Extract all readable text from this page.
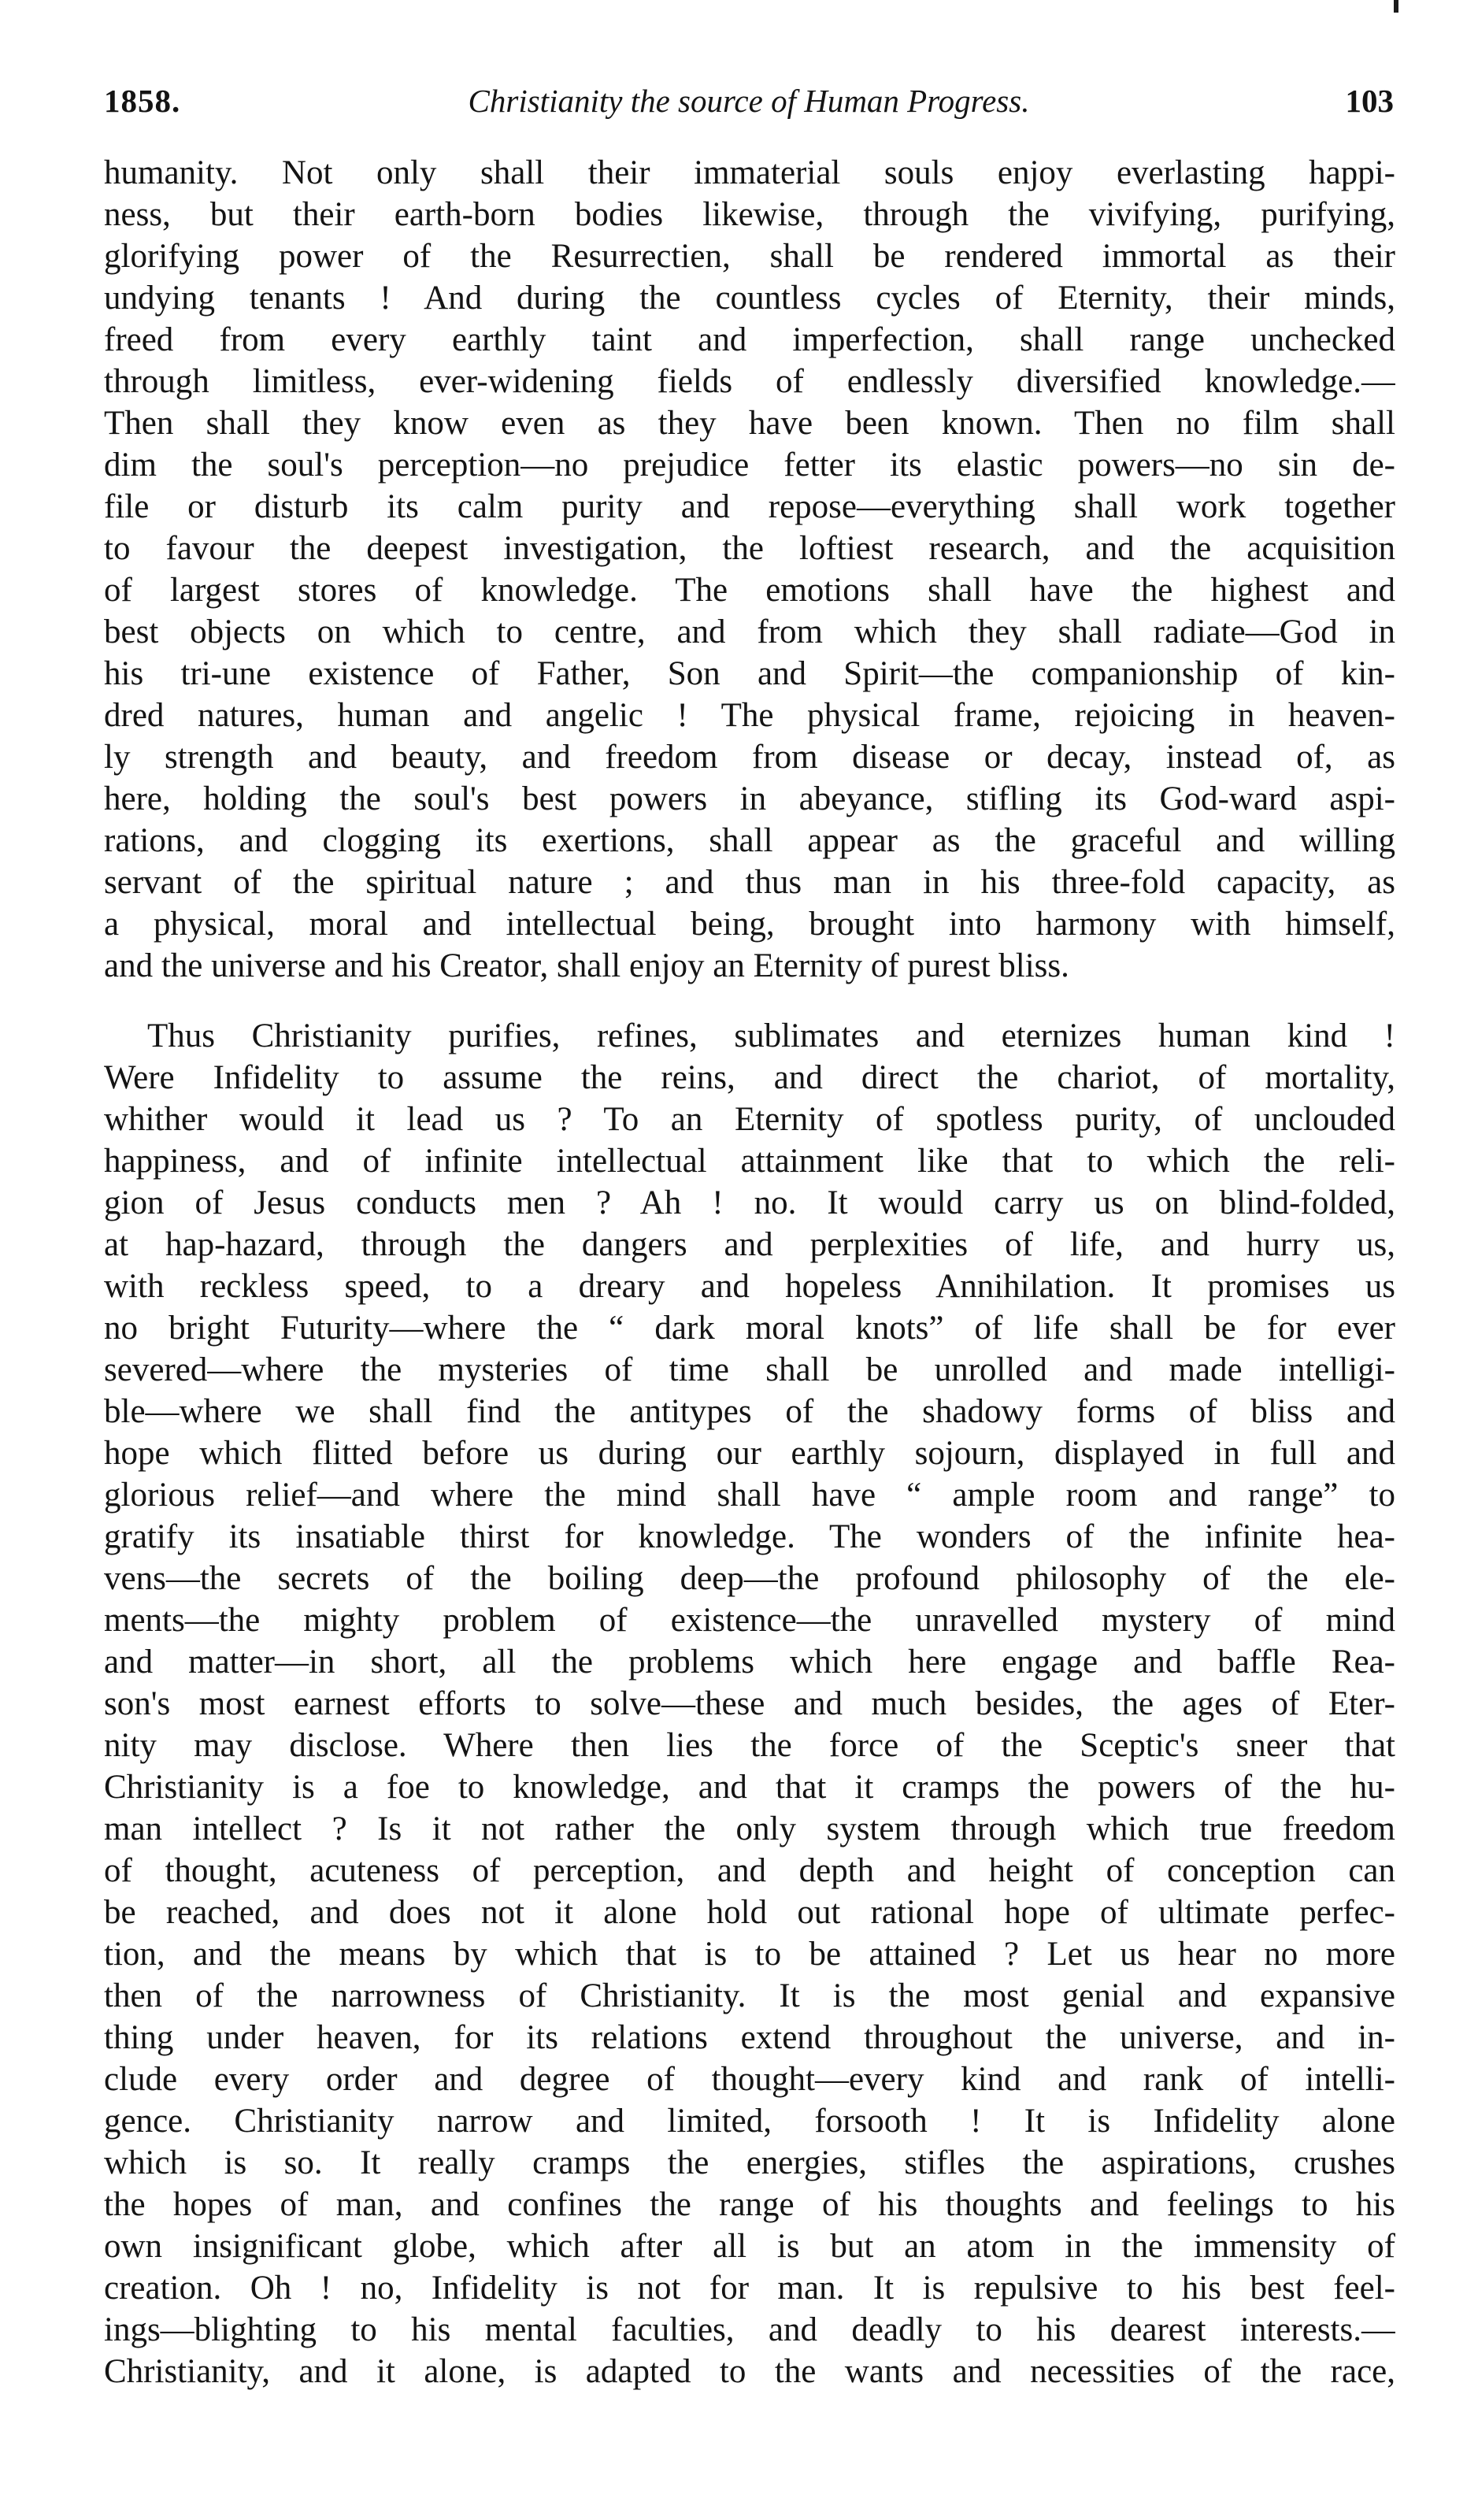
1858.	Christianity the source of Human Progress.	103
humanity. Not only shall their immaterial souls enjoy everlasting happi-
ness, but their earth-born bodies likewise, through the vivifying, purifying,
glorifying power of the Resurrectien, shall be rendered immortal as their
undying tenants ! And during the countless cycles of Eternity, their minds,
freed from every earthly taint and imperfection, shall range unchecked
through limitless, ever-widening fields of endlessly diversified knowledge.—
Then shall they know even as they have been known. Then no film shall
dim the soul's perception—no prejudice fetter its elastic powers—no sin de-
file or disturb its calm purity and repose—everything shall work together
to favour the deepest investigation, the loftiest research, and the acquisition
of largest stores of knowledge. The emotions shall have the highest and
best objects on which to centre, and from which they shall radiate—God in
his tri-une existence of Father, Son and Spirit—the companionship of kin-
dred natures, human and angelic ! The physical frame, rejoicing in heaven-
ly strength and beauty, and freedom from disease or decay, instead of, as
here, holding the soul's best powers in abeyance, stifling its God-ward aspi-
rations, and clogging its exertions, shall appear as the graceful and willing
servant of the spiritual nature ; and thus man in his three-fold capacity, as
a physical, moral and intellectual being, brought into harmony with himself,
and the universe and his Creator, shall enjoy an Eternity of purest bliss.
Thus Christianity purifies, refines, sublimates and eternizes human kind !
Were Infidelity to assume the reins, and direct the chariot, of mortality,
whither would it lead us ? To an Eternity of spotless purity, of unclouded
happiness, and of infinite intellectual attainment like that to which the reli-
gion of Jesus conducts men ? Ah ! no. It would carry us on blind-folded,
at hap-hazard, through the dangers and perplexities of life, and hurry us,
with reckless speed, to a dreary and hopeless Annihilation. It promises us
no bright Futurity—where the “ dark moral knots” of life shall be for ever
severed—where the mysteries of time shall be unrolled and made intelligi-
ble—where we shall find the antitypes of the shadowy forms of bliss and
hope which flitted before us during our earthly sojourn, displayed in full and
glorious relief—and where the mind shall have “ ample room and range” to
gratify its insatiable thirst for knowledge. The wonders of the infinite hea-
vens—the secrets of the boiling deep—the profound philosophy of the ele-
ments—the mighty problem of existence—the unravelled mystery of mind
and matter—in short, all the problems which here engage and baffle Rea-
son's most earnest efforts to solve—these and much besides, the ages of Eter-
nity may disclose. Where then lies the force of the Sceptic's sneer that
Christianity is a foe to knowledge, and that it cramps the powers of the hu-
man intellect ? Is it not rather the only system through which true freedom
of thought, acuteness of perception, and depth and height of conception can
be reached, and does not it alone hold out rational hope of ultimate perfec-
tion, and the means by which that is to be attained ? Let us hear no more
then of the narrowness of Christianity. It is the most genial and expansive
thing under heaven, for its relations extend throughout the universe, and in-
clude every order and degree of thought—every kind and rank of intelli-
gence. Christianity narrow and limited, forsooth ! It is Infidelity alone
which is so. It really cramps the energies, stifles the aspirations, crushes
the hopes of man, and confines the range of his thoughts and feelings to his
own insignificant globe, which after all is but an atom in the immensity of
creation. Oh ! no, Infidelity is not for man. It is repulsive to his best feel-
ings—blighting to his mental faculties, and deadly to his dearest interests.—
Christianity, and it alone, is adapted to the wants and necessities of the race,
